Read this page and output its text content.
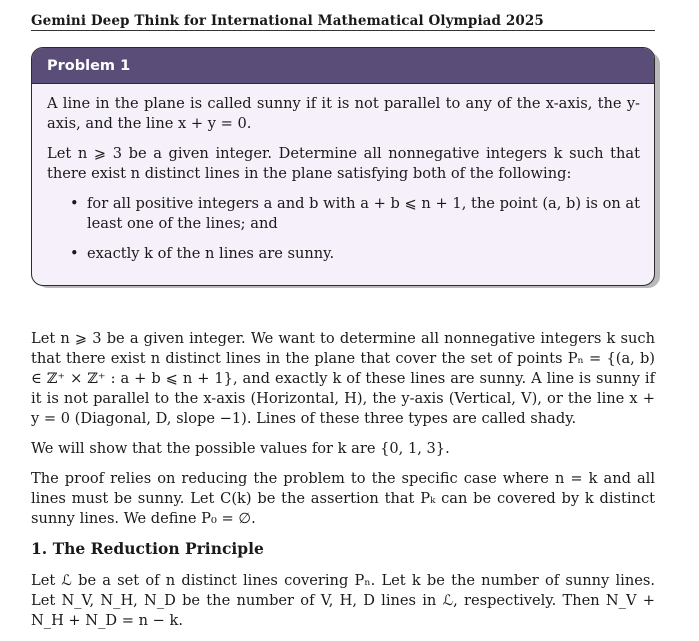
Gemini Deep Think for International Mathematical Olympiad 2025
Problem 1

A line in the plane is called sunny if it is not parallel to any of the x-axis, the y-axis, and the line x + y = 0.

Let n ⩾ 3 be a given integer. Determine all nonnegative integers k such that there exist n distinct lines in the plane satisfying both of the following:

• for all positive integers a and b with a + b ⩽ n + 1, the point (a, b) is on at least one of the lines; and
• exactly k of the n lines are sunny.

Let n ⩾ 3 be a given integer. We want to determine all nonnegative integers k such that there exist n distinct lines in the plane that cover the set of points Pₙ = {(a, b) ∈ ℤ⁺ × ℤ⁺ : a + b ⩽ n + 1}, and exactly k of these lines are sunny. A line is sunny if it is not parallel to the x-axis (Horizontal, H), the y-axis (Vertical, V), or the line x + y = 0 (Diagonal, D, slope −1). Lines of these three types are called shady.

We will show that the possible values for k are {0, 1, 3}.

The proof relies on reducing the problem to the specific case where n = k and all lines must be sunny. Let C(k) be the assertion that Pₖ can be covered by k distinct sunny lines. We define P₀ = ∅.

1. The Reduction Principle

Let ℒ be a set of n distinct lines covering Pₙ. Let k be the number of sunny lines. Let N_V, N_H, N_D be the number of V, H, D lines in ℒ, respectively. Then N_V + N_H + N_D = n − k.
